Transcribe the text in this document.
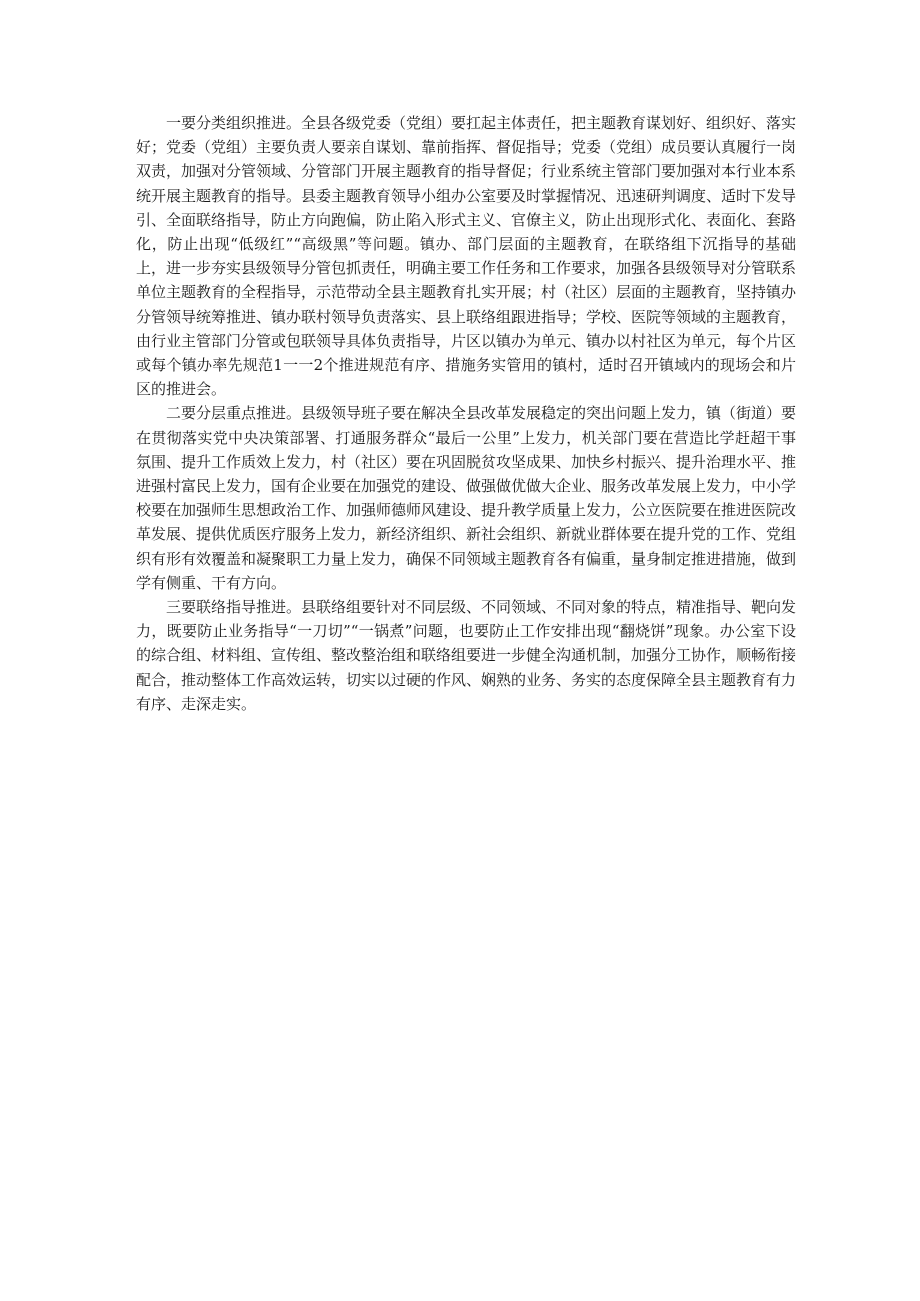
一要分类组织推进。全县各级党委（党组）要扛起主体责任，把主题教育谋划好、组织好、落实好；党委（党组）主要负责人要亲自谋划、靠前指挥、督促指导；党委（党组）成员要认真履行一岗双责，加强对分管领域、分管部门开展主题教育的指导督促；行业系统主管部门要加强对本行业本系统开展主题教育的指导。县委主题教育领导小组办公室要及时掌握情况、迅速研判调度、适时下发导引、全面联络指导，防止方向跑偏，防止陷入形式主义、官僚主义，防止出现形式化、表面化、套路化，防止出现“低级红”“高级黑”等问题。镇办、部门层面的主题教育，在联络组下沉指导的基础上，进一步夯实县级领导分管包抓责任，明确主要工作任务和工作要求，加强各县级领导对分管联系单位主题教育的全程指导，示范带动全县主题教育扎实开展；村（社区）层面的主题教育，坚持镇办分管领导统筹推进、镇办联村领导负责落实、县上联络组跟进指导；学校、医院等领域的主题教育，由行业主管部门分管或包联领导具体负责指导，片区以镇办为单元、镇办以村社区为单元，每个片区或每个镇办率先规范1一一2个推进规范有序、措施务实管用的镇村，适时召开镇域内的现场会和片区的推进会。

二要分层重点推进。县级领导班子要在解决全县改革发展稳定的突出问题上发力，镇（街道）要在贯彻落实党中央决策部署、打通服务群众“最后一公里”上发力，机关部门要在营造比学赶超干事氛围、提升工作质效上发力，村（社区）要在巩固脱贫攻坚成果、加快乡村振兴、提升治理水平、推进强村富民上发力，国有企业要在加强党的建设、做强做优做大企业、服务改革发展上发力，中小学校要在加强师生思想政治工作、加强师德师风建设、提升教学质量上发力，公立医院要在推进医院改革发展、提供优质医疗服务上发力，新经济组织、新社会组织、新就业群体要在提升党的工作、党组织有形有效覆盖和凝聚职工力量上发力，确保不同领域主题教育各有偏重，量身制定推进措施，做到学有侧重、干有方向。

三要联络指导推进。县联络组要针对不同层级、不同领域、不同对象的特点，精准指导、靶向发力，既要防止业务指导“一刀切”“一锅煮”问题，也要防止工作安排出现“翻烧饼”现象。办公室下设的综合组、材料组、宣传组、整改整治组和联络组要进一步健全沟通机制，加强分工协作，顺畅衔接配合，推动整体工作高效运转，切实以过硬的作风、娴熟的业务、务实的态度保障全县主题教育有力有序、走深走实。
